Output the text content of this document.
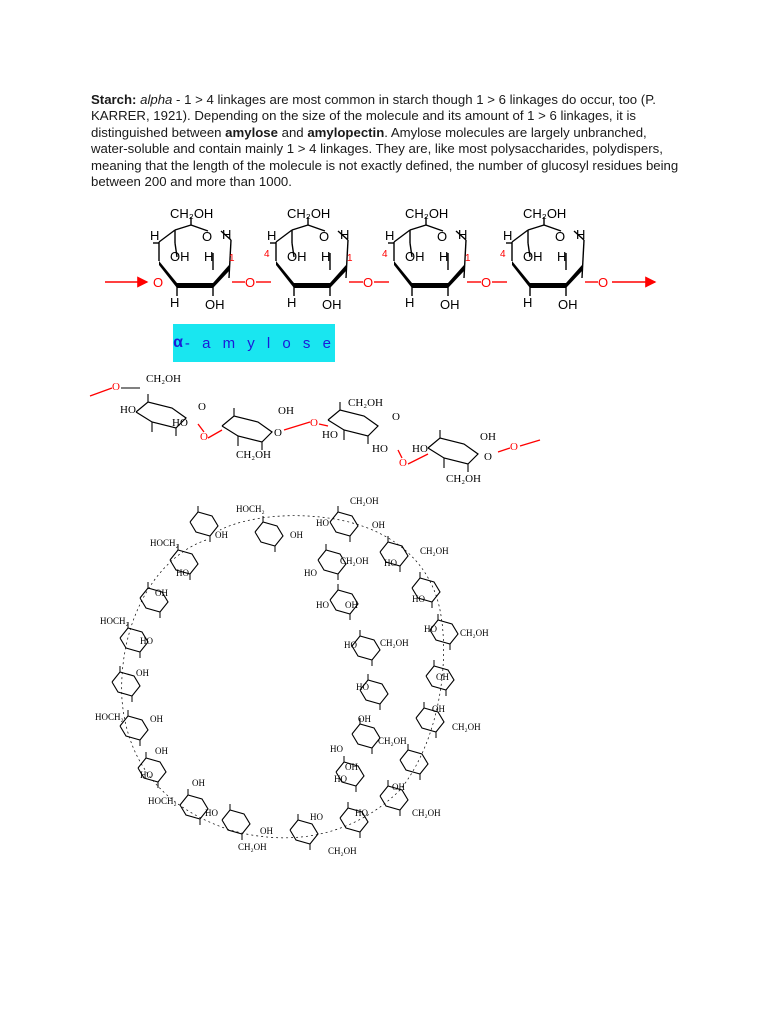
Starch: alpha - 1 > 4 linkages are most common in starch though 1 > 6 linkages do occur, too (P. KARRER, 1921). Depending on the size of the molecule and its amount of 1 > 6 linkages, it is distinguished between amylose and amylopectin. Amylose molecules are largely unbranched, water-soluble and contain mainly 1 > 4 linkages. They are, like most polysaccharides, polydispers, meaning that the length of the molecule is not exactly defined, the number of glucosyl residues being between 200 and more than 1000.
CH₂OH
H	O H
OH H 1
O
H OH
O
CH₂OH
4
H	O H
OH H 1
H OH
O
CH₂OH
4
H	O H
OH H 1
H OH
O
CH₂OH
4
H	O H
OH H
H OH
O
α - a m y l o s e
O
CH₂OH
HO
HO
O
O
OH
O
CH₂OH
O
CH₂OH
HO
HO
O
O
HO
OH
O
CH₂OH
O
HOCH₂
OH	OH
HOCH₂
HO
OH
HOCH₂
HO
OH
HOCH₂	OH
OH
HO
OH
HOCH₂
HO
OH
CH₂OH	CH₂OH
HO	HO	CH₂OH
OH
CH₂OH
OH
OH
CH₂OH
HO
HO
CH₂OH
HO
CH₂OH
HO	OH
CH₂OH
HO
HO OH
CH₂OH
HO
HO
OH
CH₂OH
HO
HO
OH
